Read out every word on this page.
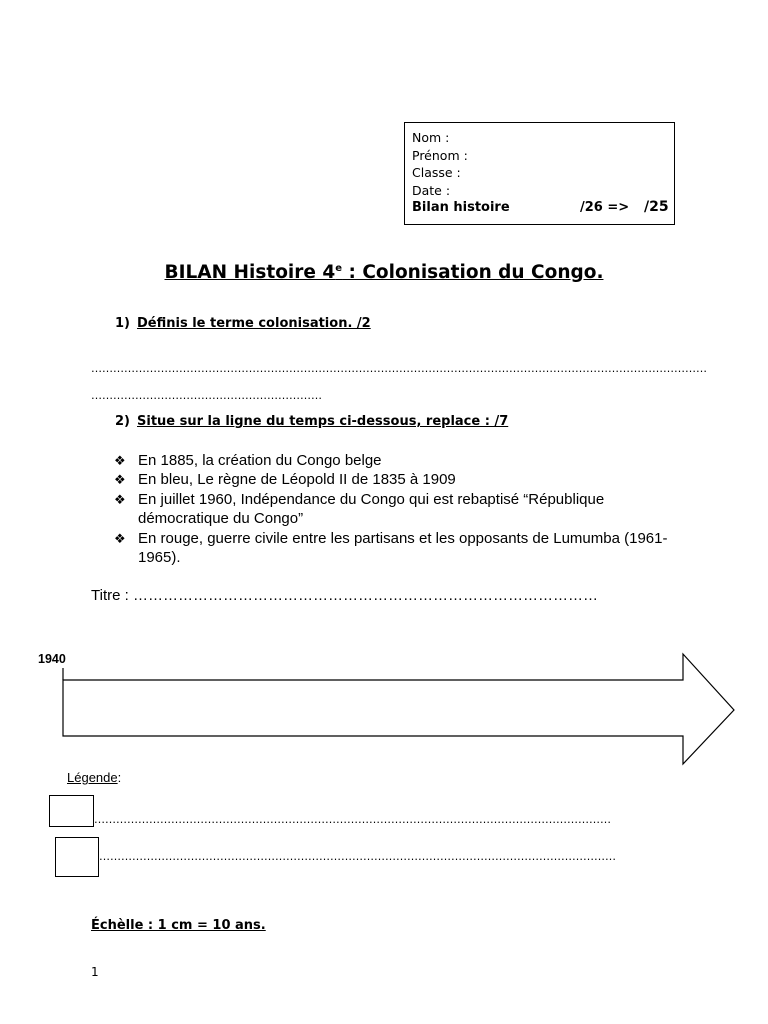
Nom :
Prénom :
Classe :
Date :
Bilan histoire	/26 => /25
BILAN Histoire 4e : Colonisation du Congo.
1) Définis le terme colonisation. /2
……………………………………………………………………………………………………………………………………………………
………………………………………………………
2) Situe sur la ligne du temps ci-dessous, replace : /7
❖ En 1885, la création du Congo belge
❖ En bleu, Le règne de Léopold II de 1835 à 1909
❖ En juillet 1960, Indépendance du Congo qui est rebaptisé “République démocratique du Congo”
❖ En rouge, guerre civile entre les partisans et les opposants de Lumumba (1961-1965).
Titre : …………………………………………………………………………………
1940
Légende:
……………………………………………………………………………………………………………………………
……………………………………………………………………………………………………………………………
Échèlle : 1 cm = 10 ans.
1
